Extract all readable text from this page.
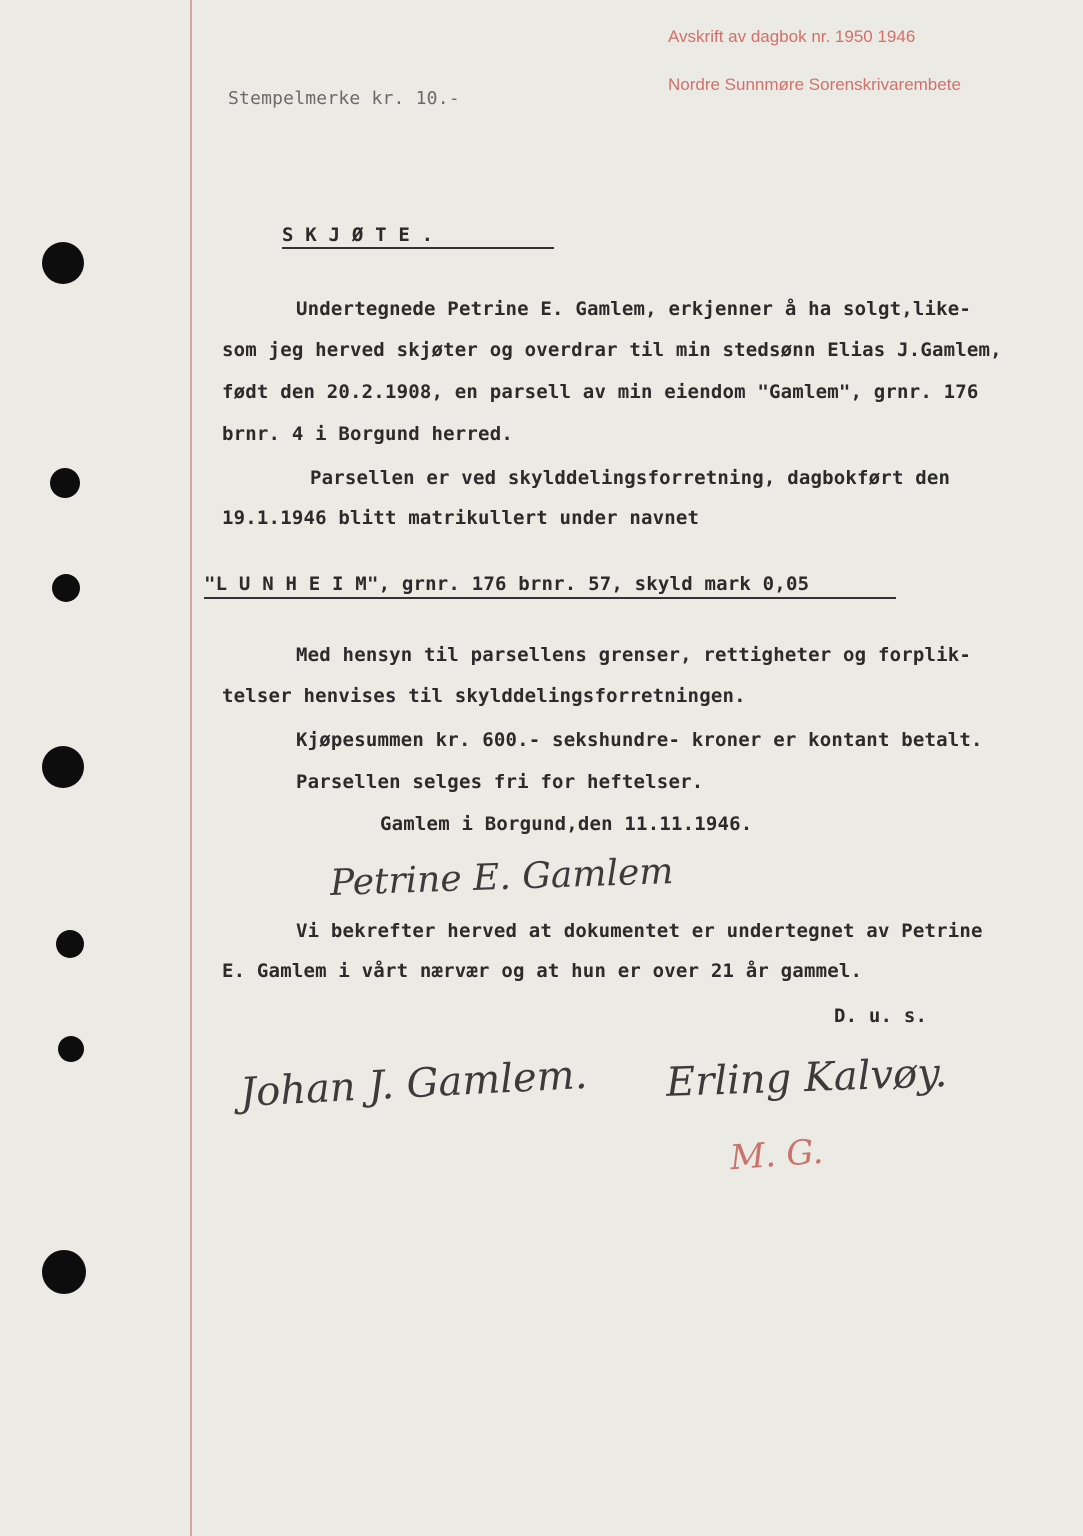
Avskrift av dagbok nr. 1950 1946
Nordre Sunnmøre Sorenskrivarembete
Stempelmerke kr. 10.-
S K J Ø T E .
Undertegnede Petrine E. Gamlem, erkjenner å ha solgt,like-
som jeg herved skjøter og overdrar til min stedsønn Elias J.Gamlem,
født den 20.2.1908, en parsell av min eiendom "Gamlem", grnr. 176
brnr. 4 i Borgund herred.
Parsellen er ved skylddelingsforretning, dagbokført den
19.1.1946 blitt matrikullert under navnet
"L U N H E I M", grnr. 176 brnr. 57, skyld mark 0,05
Med hensyn til parsellens grenser, rettigheter og forplik-
telser henvises til skylddelingsforretningen.
Kjøpesummen kr. 600.- sekshundre- kroner er kontant betalt.
Parsellen selges fri for heftelser.
Gamlem i Borgund,den 11.11.1946.
Petrine E. Gamlem
Vi bekrefter herved at dokumentet er undertegnet av Petrine
E. Gamlem i vårt nærvær og at hun er over 21 år gammel.
D. u. s.
Johan J. Gamlem. Erling Kalvøy.
M. G.
